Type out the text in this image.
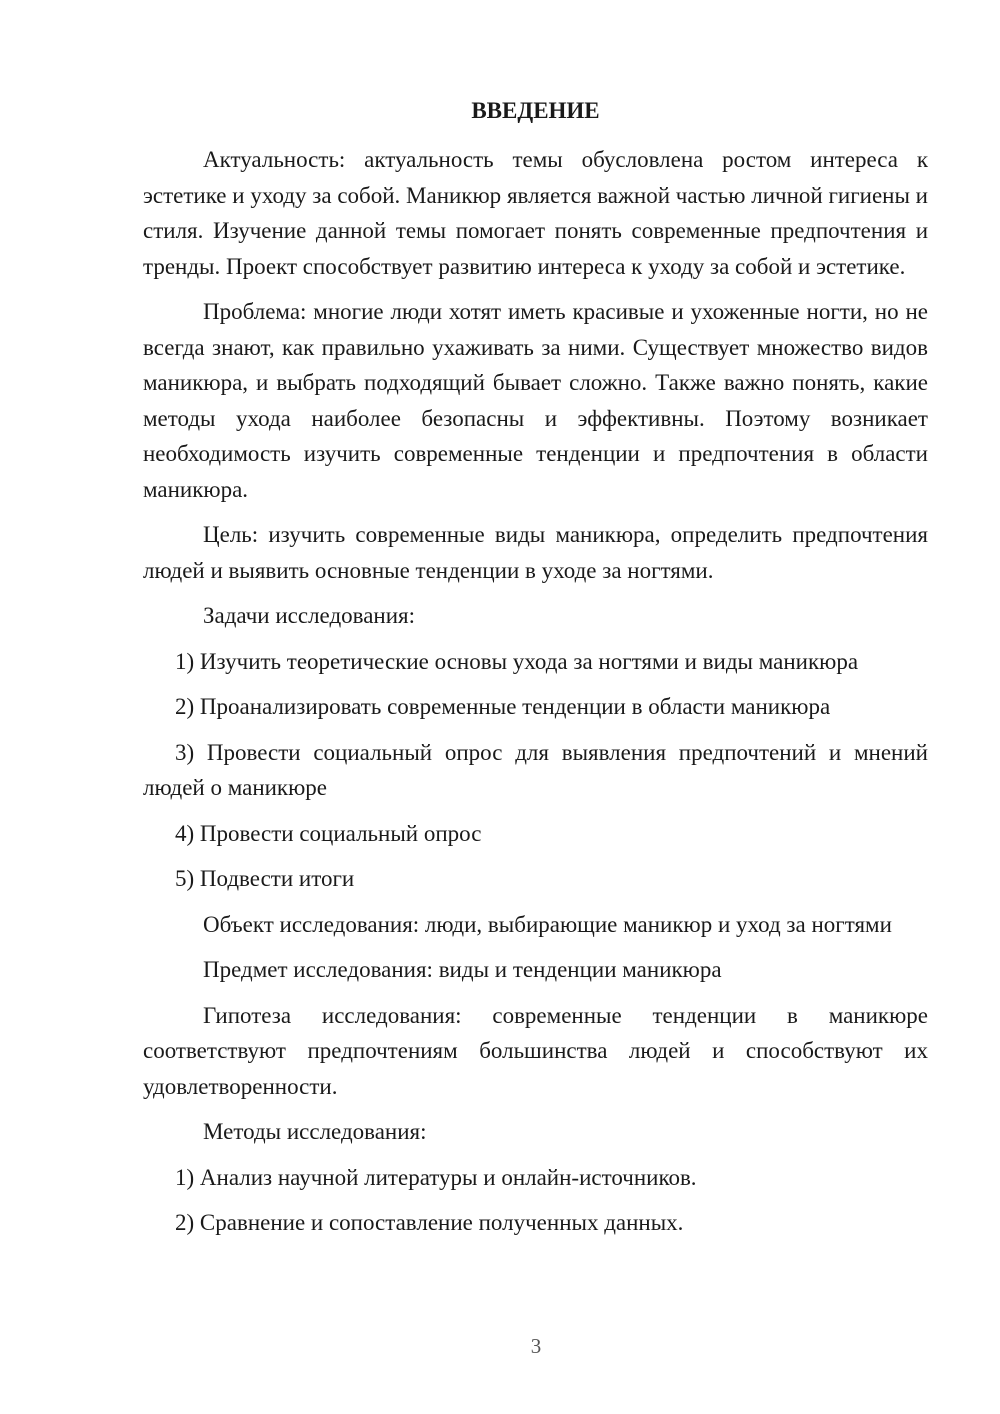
ВВЕДЕНИЕ

Актуальность: актуальность темы обусловлена ростом интереса к эстетике и уходу за собой. Маникюр является важной частью личной гигиены и стиля. Изучение данной темы помогает понять современные предпочтения и тренды. Проект способствует развитию интереса к уходу за собой и эстетике.

Проблема: многие люди хотят иметь красивые и ухоженные ногти, но не всегда знают, как правильно ухаживать за ними. Существует множество видов маникюра, и выбрать подходящий бывает сложно. Также важно понять, какие методы ухода наиболее безопасны и эффективны. Поэтому возникает необходимость изучить современные тенденции и предпочтения в области маникюра.

Цель: изучить современные виды маникюра, определить предпочтения людей и выявить основные тенденции в уходе за ногтями.

Задачи исследования:

1) Изучить теоретические основы ухода за ногтями и виды маникюра

2) Проанализировать современные тенденции в области маникюра

3) Провести социальный опрос для выявления предпочтений и мнений людей о маникюре

4) Провести социальный опрос

5) Подвести итоги

Объект исследования: люди, выбирающие маникюр и уход за ногтями

Предмет исследования: виды и тенденции маникюра

Гипотеза исследования: современные тенденции в маникюре соответствуют предпочтениям большинства людей и способствуют их удовлетворенности.

Методы исследования:

1) Анализ научной литературы и онлайн-источников.

2) Сравнение и сопоставление полученных данных.

3
